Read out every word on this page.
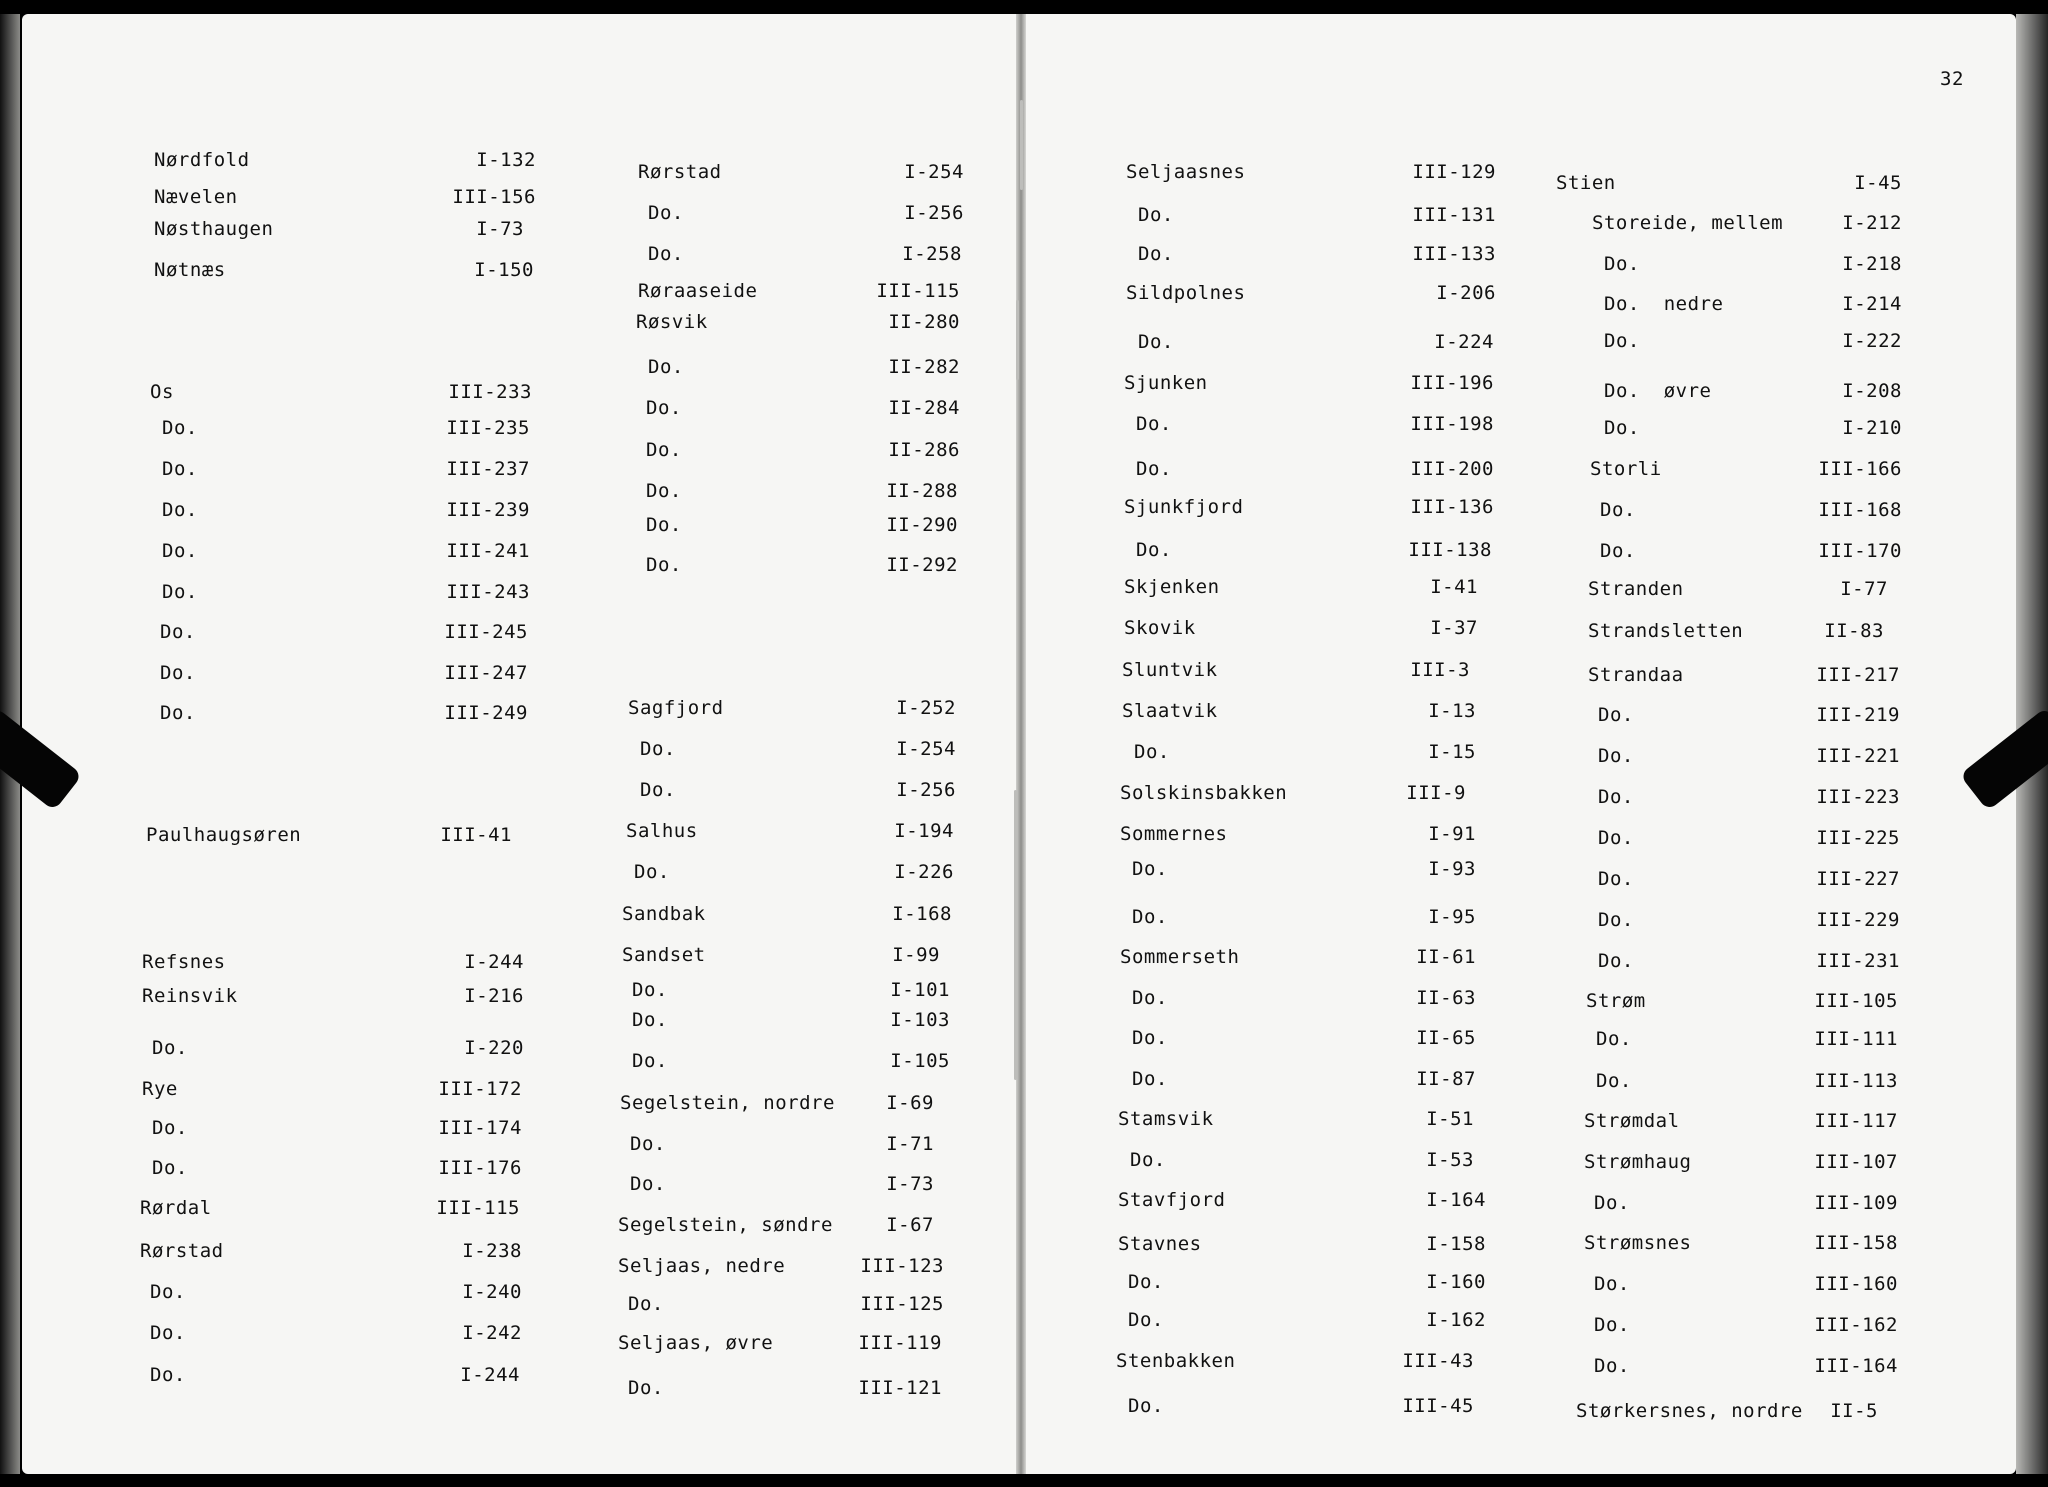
32
Nørdfold	I-132
Nævelen	III-156
Nøsthaugen	I-73
Nøtnæs	I-150
Os	III-233
Do.	III-235
Do.	III-237
Do.	III-239
Do.	III-241
Do.	III-243
Do.	III-245
Do.	III-247
Do.	III-249
Paulhaugsøren	III-41
Refsnes	I-244
Reinsvik	I-216
Do.	I-220
Rye	III-172
Do.	III-174
Do.	III-176
Rørdal	III-115
Rørstad	I-238
Do.	I-240
Do.	I-242
Do.	I-244
Rørstad	I-254
Do.	I-256
Do.	I-258
Røraaseide	III-115
Røsvik	II-280
Do.	II-282
Do.	II-284
Do.	II-286
Do.	II-288
Do.	II-290
Do.	II-292
Sagfjord	I-252
Do.	I-254
Do.	I-256
Salhus	I-194
Do.	I-226
Sandbak	I-168
Sandset	I-99
Do.	I-101
Do.	I-103
Do.	I-105
Segelstein, nordre	I-69
Do.	I-71
Do.	I-73
Segelstein, søndre	I-67
Seljaas, nedre	III-123
Do.	III-125
Seljaas, øvre	III-119
Do.	III-121
Seljaasnes	III-129
Do.	III-131
Do.	III-133
Sildpolnes	I-206
Do.	I-224
Sjunken	III-196
Do.	III-198
Do.	III-200
Sjunkfjord	III-136
Do.	III-138
Skjenken	I-41
Skovik	I-37
Sluntvik	III-3
Slaatvik	I-13
Do.	I-15
Solskinsbakken	III-9
Sommernes	I-91
Do.	I-93
Do.	I-95
Sommerseth	II-61
Do.	II-63
Do.	II-65
Do.	II-87
Stamsvik	I-51
Do.	I-53
Stavfjord	I-164
Stavnes	I-158
Do.	I-160
Do.	I-162
Stenbakken	III-43
Do.	III-45
Stien	I-45
Storeide, mellem	I-212
Do.	I-218
Do.  nedre	I-214
Do.	I-222
Do.  øvre	I-208
Do.	I-210
Storli	III-166
Do.	III-168
Do.	III-170
Stranden	I-77
Strandsletten	II-83
Strandaa	III-217
Do.	III-219
Do.	III-221
Do.	III-223
Do.	III-225
Do.	III-227
Do.	III-229
Do.	III-231
Strøm	III-105
Do.	III-111
Do.	III-113
Strømdal	III-117
Strømhaug	III-107
Do.	III-109
Strømsnes	III-158
Do.	III-160
Do.	III-162
Do.	III-164
Størkersnes, nordre	II-5
